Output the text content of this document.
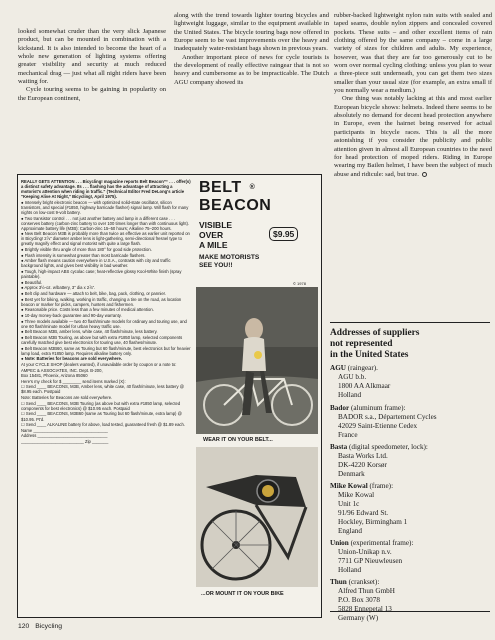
looked somewhat cruder than the very slick Japanese product, but can be mounted in combination with a kickstand. It is also intended to become the heart of a whole new generation of lighting systems offering greater visibility and security at much reduced mechanical drag — just what all night riders have been waiting for.

Cycle touring seems to be gaining in popularity on the European continent,

along with the trend towards lighter touring bicycles and lightweight luggage, similar to the equipment available in the United States. The bicycle touring bags now offered in Europe seem to be vast improvements over the heavy and inadequately water-resistant bags shown in previous years.

Another important piece of news for cycle tourists is the development of really effective raingear that is not so heavy and cumbersome as to be impracticable. The Dutch AGU company showed its

rubber-backed lightweight nylon rain suits with sealed and taped seams, double nylon zippers and concealed covered pockets. These suits – and other excellent items of rain clothing offered by the same company – come in a large variety of sizes for children and adults. My experience, however, was that they are far too generously cut to be worn over normal cycling clothing: unless you plan to wear a three-piece suit underneath, you can get them two sizes smaller than your usual size (for example, an extra small if you normally wear a medium.)

One thing was notably lacking at this and most earlier European bicycle shows: helmets. Indeed there seems to be absolutely no demand for decent head protection anywhere in Europe, even the hairnet being reserved for actual participants in bicycle races. This is all the more astonishing if you consider the publicity and public attention given in almost all European countries to the need for head protection of moped riders. Riding in Europe wearing my Bailen helmet, I have been the subject of much abuse and ridicule: sad, but true.

REALLY GETS ATTENTION . . . Bicycling! magazine reports Belt Beacon™ . . . offer(s) a distinct safety advantage. Its . . . flashing has the advantage of attracting a motorist's attention when riding in traffic." (Technical Editor Fred DeLong's article "Keeping Alive At Night," Bicycling!, April 1975).
● Intensely bright electronic beacon — with optimized solid-state oscillator, silicon transistors, and special (#1850, highway barricade flasher) signal lamp. Will flash for many nights on low-cost 9-volt battery.
● Two transistor control . . . not just another battery and lamp in a different case . . . conserves battery (carbon-zinc battery to over 100 times longer than with continuous light). Approximate battery life (M3B): Carbon-zinc 15–50 hours; Alkaline 75–200 hours.
● New Belt Beacon M3B is probably more than twice as effective as earlier unit reported on in Bicycling! 2⅞" diameter amber lens is light-gathering, semi-directional fresnel type to greatly magnify effect and signal motorist with quite a large flash.
● Brightly visible thru angle of more than 180° for good side protection.
● Flash intensity is somewhat greater than most barricade flashers.
● Amber flash means caution everywhere in U.S.A., contrasts with city and traffic background lights, and gives best visibility in bad weather.
● Tough, high-impact ABS cycolac case; heat-reflective glossy Kool-White finish (spray paintable).
● Beautiful.
● Approx 3½-oz. w/battery, 3" dia x 2⅞".
● Belt clip and hardware — attach to belt, bike, bag, pack, clothing, or pannier.
● Best yet for biking, walking, working in traffic, changing a tire on the road, as location beacon or marker for picks, campers, hunters and fishermen.
● Reasonable price. Costs less than a few minutes of medical attention.
● 10-day money-back guarantee and 90-day warranty.
● Three models available — two 40 flash/minute models for ordinary and touring use, and one 60 flash/minute model for urban heavy traffic use.
● Belt Beacon M3B, amber lens, white case, 40 flash/minute, less battery.
● Belt Beacon M3B Touring, as above but with extra #1850 lamp, selected components carefully matched give best electronics for touring use, 40 flashes/minute.
● Belt Beacon M3B60, same as Touring but 60 flash/minute, best electronics but for heavier lamp load, extra #1850 lamp. Requires alkaline battery only.
● Note: Batteries for beacons are sold everywhere.
At your CYCLE SHOP (dealers wanted), if unavailable order by coupon or a note to:
AMPEC & ASSOCIATES, INC. Dept. B-200,
Box 15481, Phoenix, Arizona 85060
Here's my check for $ ________ send items marked (X):
☐ Send ____ BEACONS, M3B, Amber lens, white case, 40 flash/minute, less battery @ $8.95 each. Postpaid
Note: Batteries for Beacons are sold everywhere.
☐ Send ____ BEACONS, M3B Touring (as above but with extra #1850 lamp, selected components for best electronics) @ $10.95 each. Postpaid
☐ Send ____ BEACONS, M3B60 (same as Touring but 60 flash/minute, extra lamp) @ $10.95. Pt'd.
☐ Send ____ ALKALINE battery for above, load tested, guaranteed fresh @ $1.89 each.
Name ________________________________
Address ______________________________
___________________________ Zip _______
BELT ®
BEACON
VISIBLE
OVER
A MILE
$9.95
MAKE MOTORISTS
SEE YOU!!
© 1978
WEAR IT ON YOUR BELT...
...OR MOUNT IT ON YOUR BIKE
Addresses of suppliers
not represented
in the United States
AGU (raingear).
AGU b.b.
1800 AA Alkmaar
Holland
Bador (aluminum frame):
BADOR s.a., Département Cycles
42029 Saint-Etienne Cedex
France
Basta (digital speedometer, lock):
Basta Works Ltd.
DK-4220 Korsør
Denmark
Mike Kowal (frame):
Mike Kowal
Unit 1c
91/96 Edward St.
Hockley, Birmingham 1
England
Union (experimental frame):
Union-Unikap n.v.
7711 GP Nieuwleusen
Holland
Thun (crankset):
Alfred Thun GmbH
P.O. Box 3078
5828 Ennepetal 13
Germany (W)
120 Bicycling
